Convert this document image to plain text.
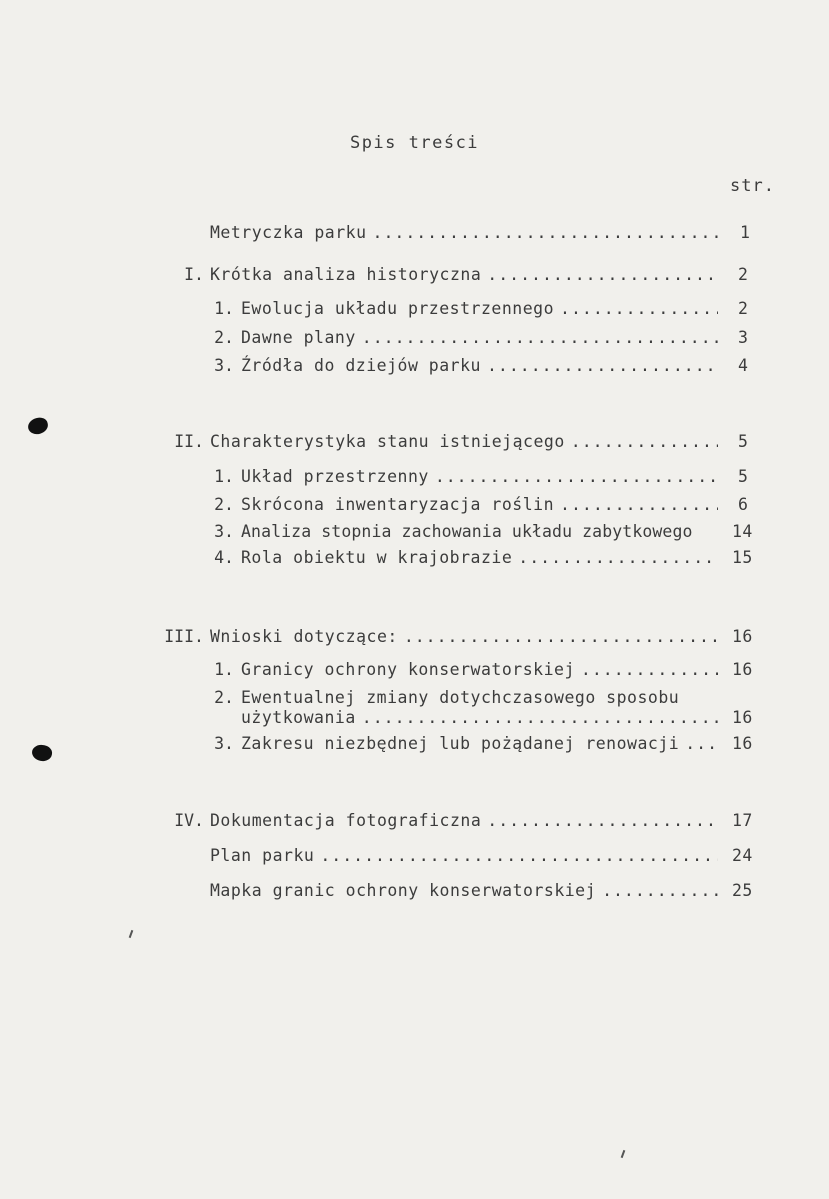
Spis treści
str.
Metryczka parku .....	1
I. Krótka analiza historyczna .....	2
1. Ewolucja układu przestrzennego .....	2
2. Dawne plany .....	3
3. Źródła do dziejów parku .....	4
II. Charakterystyka stanu istniejącego .....	5
1. Układ przestrzenny .....	5
2. Skrócona inwentaryzacja roślin .....	6
3. Analiza stopnia zachowania układu zabytkowego 14
4. Rola obiektu w krajobrazie .....	15
III. Wnioski dotyczące: .....	16
1. Granicy ochrony konserwatorskiej .....	16
2. Ewentualnej zmiany dotychczasowego sposobu
użytkowania .....	16
3. Zakresu niezbędnej lub pożądanej renowacji .....	16
IV. Dokumentacja fotograficzna .....	17
Plan parku .....	24
Mapka granic ochrony konserwatorskiej .....	25
